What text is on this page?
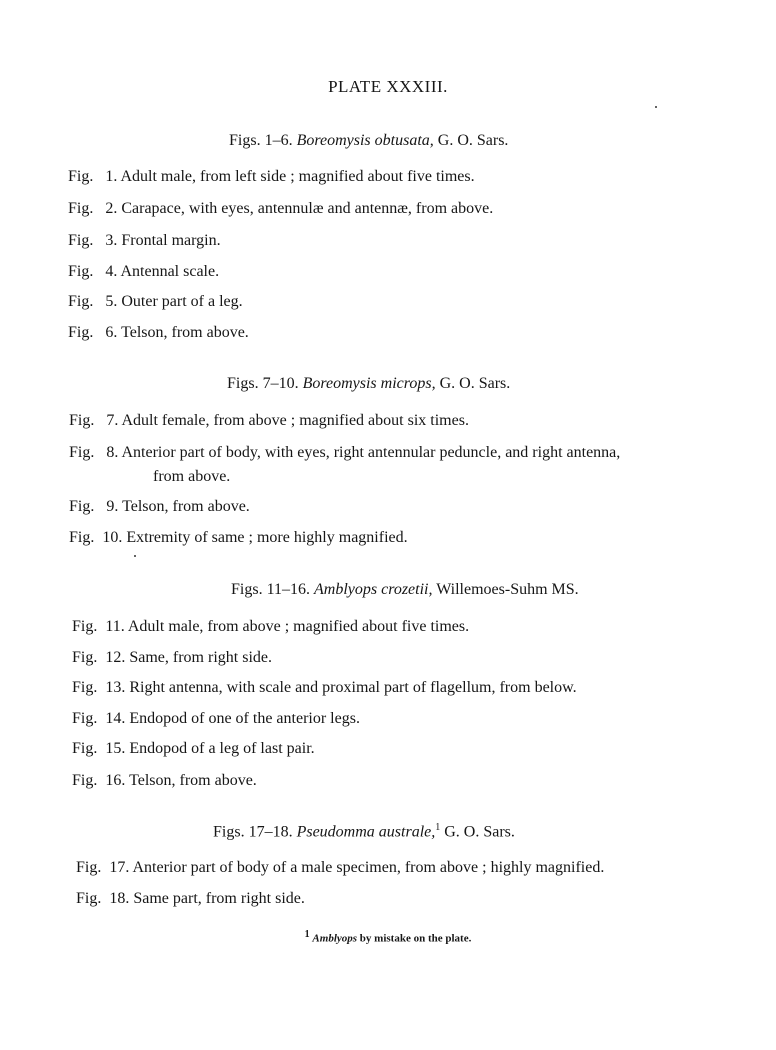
PLATE XXXIII.
Figs. 1–6. Boreomysis obtusata, G. O. Sars.
Fig. 1. Adult male, from left side ; magnified about five times.
Fig. 2. Carapace, with eyes, antennulæ and antennæ, from above.
Fig. 3. Frontal margin.
Fig. 4. Antennal scale.
Fig. 5. Outer part of a leg.
Fig. 6. Telson, from above.
Figs. 7–10. Boreomysis microps, G. O. Sars.
Fig. 7. Adult female, from above ; magnified about six times.
Fig. 8. Anterior part of body, with eyes, right antennular peduncle, and right antenna,
from above.
Fig. 9. Telson, from above.
Fig. 10. Extremity of same ; more highly magnified.
Figs. 11–16. Amblyops crozetii, Willemoes-Suhm MS.
Fig. 11. Adult male, from above ; magnified about five times.
Fig. 12. Same, from right side.
Fig. 13. Right antenna, with scale and proximal part of flagellum, from below.
Fig. 14. Endopod of one of the anterior legs.
Fig. 15. Endopod of a leg of last pair.
Fig. 16. Telson, from above.
Figs. 17–18. Pseudomma australe,$^1$ G. O. Sars.
Fig. 17. Anterior part of body of a male specimen, from above ; highly magnified.
Fig. 18. Same part, from right side.
$^1$ Amblyops by mistake on the plate.
